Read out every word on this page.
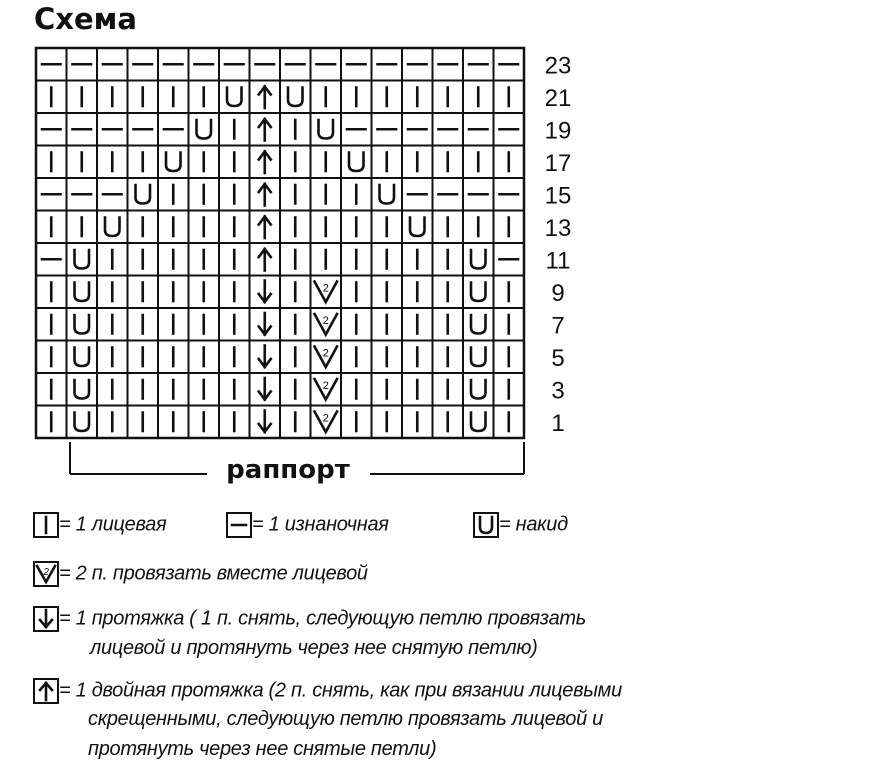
Схема
2
2
2
2
2
23
21
19
17
15
13
11
9
7
5
3
1
раппорт
= 1 лицевая	= 1 изнаночная	= накид
2 = 2 п. провязать вместе лицевой
= 1 протяжка ( 1 п. снять, следующую петлю провязать
лицевой и протянуть через нее снятую петлю)
= 1 двойная протяжка (2 п. снять, как при вязании лицевыми
скрещенными, следующую петлю провязать лицевой и
протянуть через нее снятые петли)
